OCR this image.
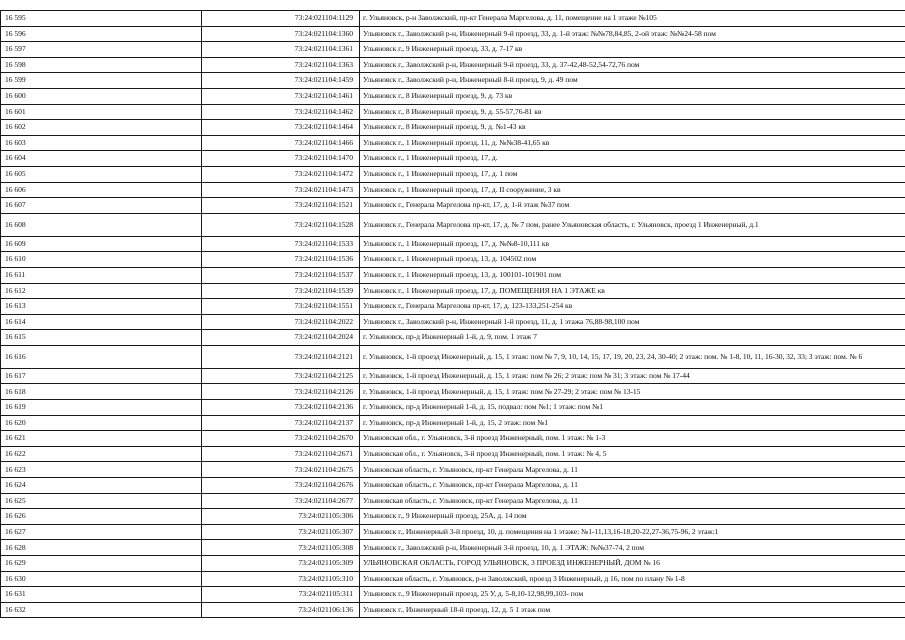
16 595	73:24:021104:1129	г. Ульяновск, р-н Заволжский, пр-кт Генерала Маргелова, д. 11, помещение на 1 этаже №105
16 596	73:24:021104:1360	Ульяновск г., Заволжский р-н, Инженерный 9-й проезд, 33, д. 1-й этаж: №№78,84,85, 2-ой этаж: №№24-58 пом
16 597	73:24:021104:1361	Ульяновск г., 9 Инженерный проезд, 33, д. 7-17 кв
16 598	73:24:021104:1363	Ульяновск г., Заволжский р-н, Инженерный 9-й проезд, 33, д. 37-42,48-52,54-72,76 пом
16 599	73:24:021104:1459	Ульяновск г., Заволжский р-н, Инженерный 8-й проезд, 9, д. 49 пом
16 600	73:24:021104:1461	Ульяновск г., 8 Инженерный проезд, 9, д. 73 кв
16 601	73:24:021104:1462	Ульяновск г., 8 Инженерный проезд, 9, д. 55-57,76-81 кв
16 602	73:24:021104:1464	Ульяновск г., 8 Инженерный проезд, 9, д. №1-43 кв
16 603	73:24:021104:1466	Ульяновск г., 1 Инженерный проезд, 11, д. №№38-41,65 кв
16 604	73:24:021104:1470	Ульяновск г., 1 Инженерный проезд, 17, д.
16 605	73:24:021104:1472	Ульяновск г., 1 Инженерный проезд, 17, д. 1 пом
16 606	73:24:021104:1473	Ульяновск г., 1 Инженерный проезд, 17, д. II сооружение, 3 кв
16 607	73:24:021104:1521	Ульяновск г., Генерала Маргелова пр-кт, 17, д. 1-й этаж №37 пом
16 608	73:24:021104:1528	Ульяновск г., Генерала Маргелова пр-кт, 17, д. № 7 пом, ранее Ульяновская область, г. Ульяновск, проезд 1 Инженерный, д.1
16 609	73:24:021104:1533	Ульяновск г., 1 Инженерный проезд, 17, д. №№8-10,111 кв
16 610	73:24:021104:1536	Ульяновск г., 1 Инженерный проезд, 13, д. 104502 пом
16 611	73:24:021104:1537	Ульяновск г., 1 Инженерный проезд, 13, д. 100101-101901 пом
16 612	73:24:021104:1539	Ульяновск г., 1 Инженерный проезд, 17, д. ПОМЕЩЕНИЯ НА 1 ЭТАЖЕ кв
16 613	73:24:021104:1551	Ульяновск г., Генерала Маргелова пр-кт, 17, д. 123-133,251-254 кв
16 614	73:24:021104:2022	Ульяновск г., Заволжский р-н, Инженерный 1-й проезд, 11, д. 1 этажа 76,88-98,100 пом
16 615	73:24:021104:2024	г. Ульяновск, пр-д Инженерный 1-й, д. 9, пом. 1 этаж 7
16 616	73:24:021104:2121	г. Ульяновск, 1-й проезд Инженерный, д. 15, 1 этаж: пом № 7, 9, 10, 14, 15, 17, 19, 20, 23, 24, 30-40; 2 этаж: пом. № 1-8, 10, 11, 16-30, 32, 33; 3 этаж: пом. № 6
16 617	73:24:021104:2125	г. Ульяновск, 1-й проезд Инженерный, д. 15, 1 этаж: пом № 26; 2 этаж: пом № 31; 3 этаж: пом № 17-44
16 618	73:24:021104:2126	г. Ульяновск, 1-й проезд Инженерный, д. 15, 1 этаж: пом № 27-29; 2 этаж: пом № 13-15
16 619	73:24:021104:2136	г. Ульяновск, пр-д Инженерный 1-й, д. 15, подвал: пом №1; 1 этаж: пом №1
16 620	73:24:021104:2137	г. Ульяновск, пр-д Инженерный 1-й, д. 15, 2 этаж: пом №1
16 621	73:24:021104:2670	Ульяновская обл., г. Ульяновск, 3-й проезд Инженерный, пом. 1 этаж: № 1-3
16 622	73:24:021104:2671	Ульяновская обл., г. Ульяновск, 3-й проезд Инженерный, пом. 1 этаж: № 4, 5
16 623	73:24:021104:2675	Ульяновская область, г. Ульяновск, пр-кт Генерала Маргелова, д. 11
16 624	73:24:021104:2676	Ульяновская область, г. Ульяновск, пр-кт Генерала Маргелова, д. 11
16 625	73:24:021104:2677	Ульяновская область, г. Ульяновск, пр-кт Генерала Маргелова, д. 11
16 626	73:24:021105:306	Ульяновск г., 9 Инженерный проезд, 25А, д. 14 пом
16 627	73:24:021105:307	Ульяновск г., Инженерный 3-й проезд, 10, д. помещения на 1 этаже: №1-11,13,16-18,20-22,27-36,75-96, 2 этаж:1
16 628	73:24:021105:308	Ульяновск г., Заволжский р-н, Инженерный 3-й проезд, 10, д. 1 ЭТАЖ: №№37-74, 2 пом
16 629	73:24:021105:309	УЛЬЯНОВСКАЯ ОБЛАСТЬ, ГОРОД УЛЬЯНОВСК, 3 ПРОЕЗД ИНЖЕНЕРНЫЙ, ДОМ № 16
16 630	73:24:021105:310	Ульяновская область, г. Ульяновск, р-н Заволжский, проезд 3 Инженерный, д 16, пом по плану № 1-8
16 631	73:24:021105:311	Ульяновск г., 9 Инженерный проезд, 25 У, д. 5-8,10-12,98,99,103- пом
16 632	73:24:021106:136	Ульяновск г., Инженерный 18-й проезд, 12, д. 5 1 этаж пом
